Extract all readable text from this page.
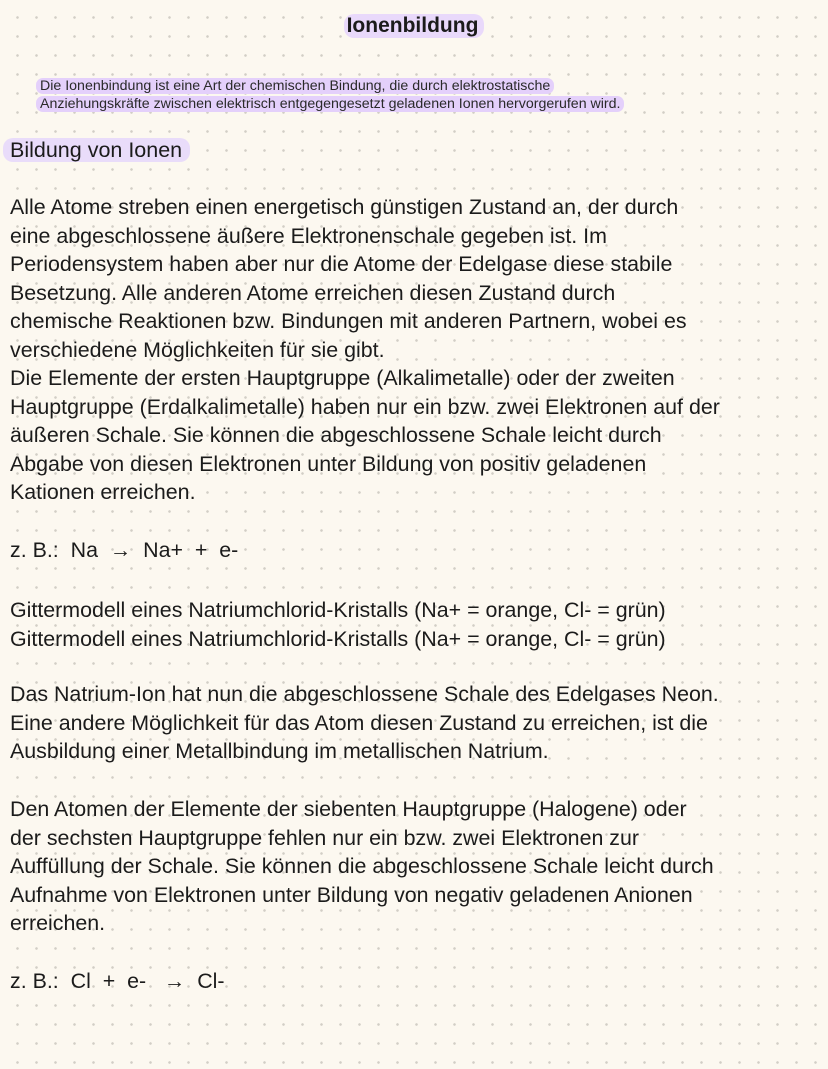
Ionenbildung
Die Ionenbindung ist eine Art der chemischen Bindung, die durch elektrostatische
Anziehungskräfte zwischen elektrisch entgegengesetzt geladenen Ionen hervorgerufen wird.
Bildung von Ionen
Alle Atome streben einen energetisch günstigen Zustand an, der durch
eine abgeschlossene äußere Elektronenschale gegeben ist. Im
Periodensystem haben aber nur die Atome der Edelgase diese stabile
Besetzung. Alle anderen Atome erreichen diesen Zustand durch
chemische Reaktionen bzw. Bindungen mit anderen Partnern, wobei es
verschiedene Möglichkeiten für sie gibt.
Die Elemente der ersten Hauptgruppe (Alkalimetalle) oder der zweiten
Hauptgruppe (Erdalkalimetalle) haben nur ein bzw. zwei Elektronen auf der
äußeren Schale. Sie können die abgeschlossene Schale leicht durch
Abgabe von diesen Elektronen unter Bildung von positiv geladenen
Kationen erreichen.
z. B.:  Na  →  Na+  +  e-
Gittermodell eines Natriumchlorid-Kristalls (Na+ = orange, Cl- = grün)
Gittermodell eines Natriumchlorid-Kristalls (Na+ = orange, Cl- = grün)
Das Natrium-Ion hat nun die abgeschlossene Schale des Edelgases Neon.
Eine andere Möglichkeit für das Atom diesen Zustand zu erreichen, ist die
Ausbildung einer Metallbindung im metallischen Natrium.
Den Atomen der Elemente der siebenten Hauptgruppe (Halogene) oder
der sechsten Hauptgruppe fehlen nur ein bzw. zwei Elektronen zur
Auffüllung der Schale. Sie können die abgeschlossene Schale leicht durch
Aufnahme von Elektronen unter Bildung von negativ geladenen Anionen
erreichen.
z. B.:  Cl  +  e-   →  Cl-
